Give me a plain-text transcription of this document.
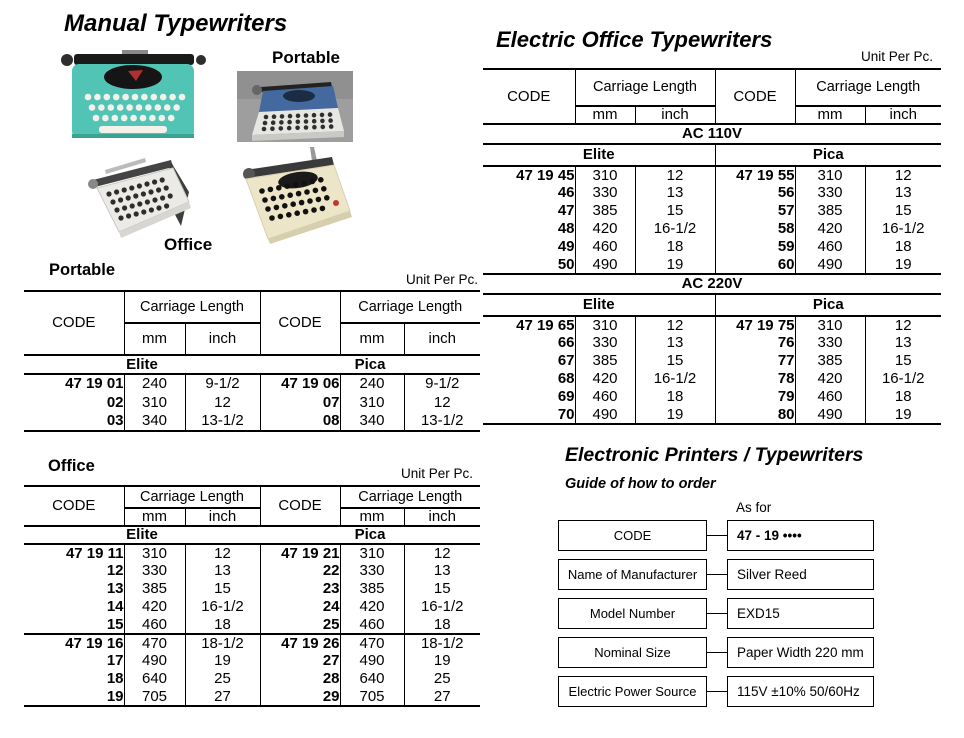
Manual Typewriters
Portable
Office
Portable
Unit Per Pc.
CODE	Carriage Length		CODE	Carriage Length	
	mm	inch		mm	inch
Elite			Pica		
47 19 01	240	9-1/2	47 19 06	240	9-1/2
02	310	12	07	310	12
03	340	13-1/2	08	340	13-1/2
Office	Unit Per Pc.
CODE	Carriage Length		CODE	Carriage Length	
	mm	inch		mm	inch
Elite			Pica		
47 19 11	310	12	47 19 21	310	12
12	330	13	22	330	13
13	385	15	23	385	15
14	420	16-1/2	24	420	16-1/2
15	460	18	25	460	18
47 19 16	470	18-1/2	47 19 26	470	18-1/2
17	490	19	27	490	19
18	640	25	28	640	25
19	705	27	29	705	27
Electric Office Typewriters
Unit Per Pc.
CODE	Carriage Length		CODE	Carriage Length	
	mm	inch		mm	inch
AC 110V					
Elite			Pica		
47 19 45	310	12	47 19 55	310	12
46	330	13	56	330	13
47	385	15	57	385	15
48	420	16-1/2	58	420	16-1/2
49	460	18	59	460	18
50	490	19	60	490	19
AC 220V					
Elite			Pica		
47 19 65	310	12	47 19 75	310	12
66	330	13	76	330	13
67	385	15	77	385	15
68	420	16-1/2	78	420	16-1/2
69	460	18	79	460	18
70	490	19	80	490	19
Electronic Printers / Typewriters
Guide of how to order
As for
CODE	47 - 19 ••••
Name of Manufacturer	Silver Reed
Model Number	EXD15
Nominal Size	Paper Width 220 mm
Electric Power Source	115V ±10% 50/60Hz
